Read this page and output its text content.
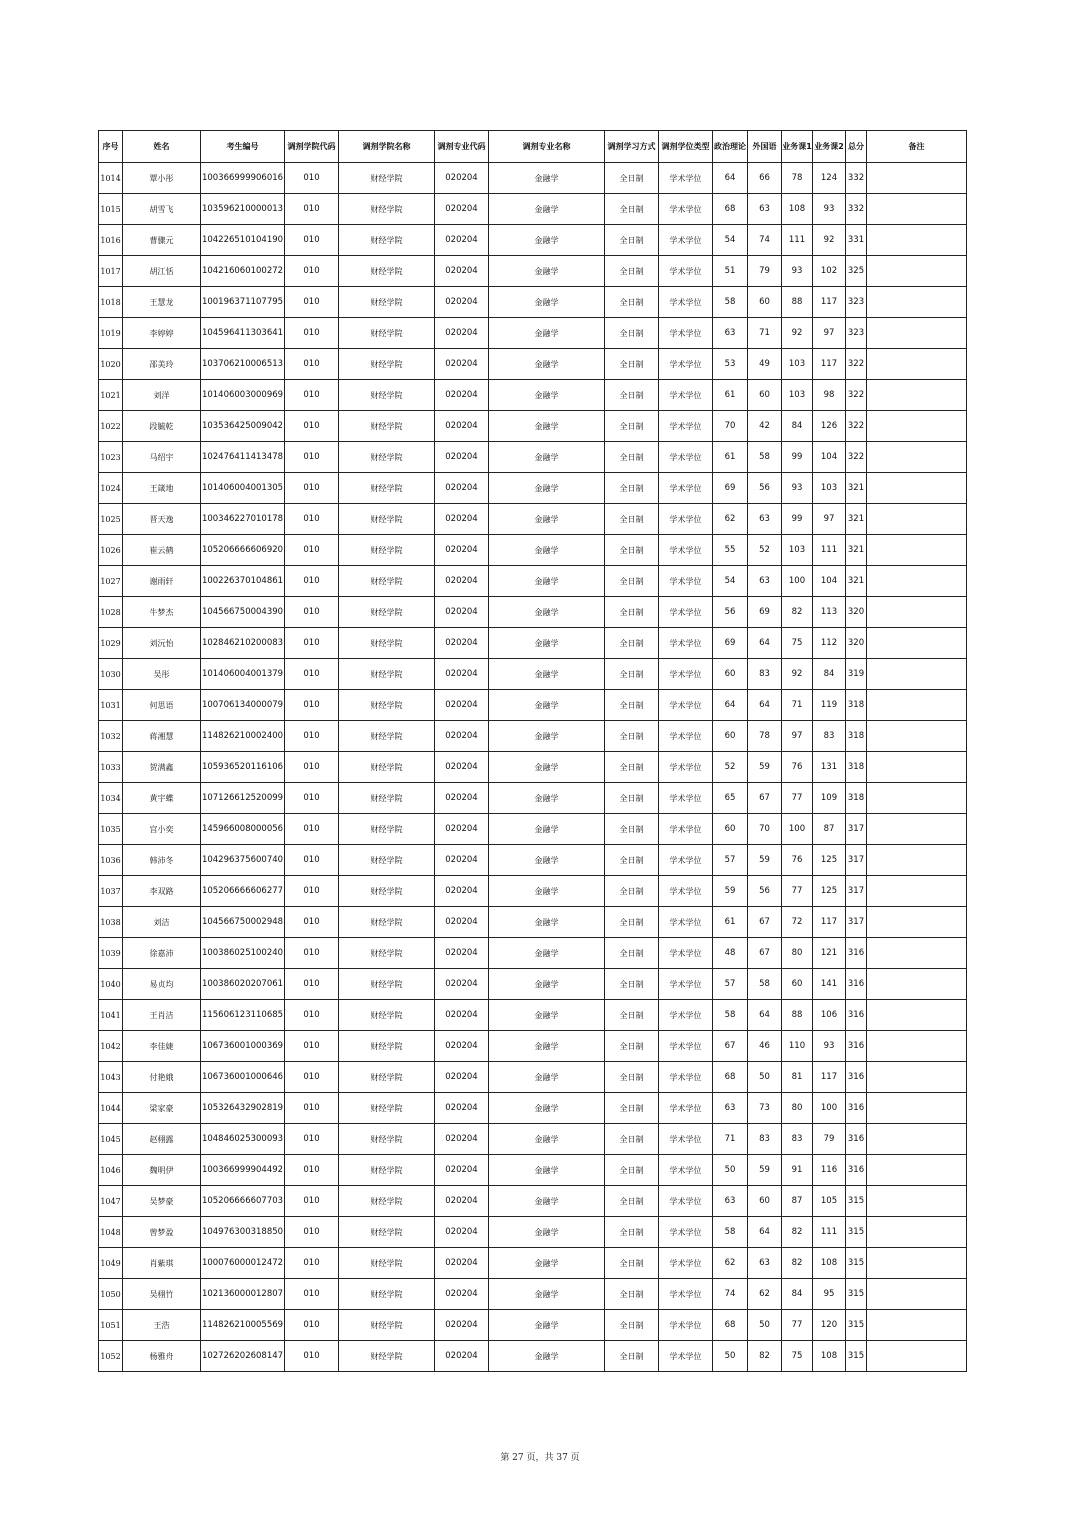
序号	姓名	考生编号	调剂学院代码	调剂学院名称	调剂专业代码	调剂专业名称	调剂学习方式	调剂学位类型	政治理论	外国语	业务课1	业务课2	总分	备注
1014	覃小彤	100366999906016	010	财经学院	020204	金融学	全日制	学术学位	64	66	78	124	332	
1015	胡雪飞	103596210000013	010	财经学院	020204	金融学	全日制	学术学位	68	63	108	93	332	
1016	曹骤元	104226510104190	010	财经学院	020204	金融学	全日制	学术学位	54	74	111	92	331	
1017	胡江恬	104216060100272	010	财经学院	020204	金融学	全日制	学术学位	51	79	93	102	325	
1018	王慧龙	100196371107795	010	财经学院	020204	金融学	全日制	学术学位	58	60	88	117	323	
1019	李婷婷	104596411303641	010	财经学院	020204	金融学	全日制	学术学位	63	71	92	97	323	
1020	邵美玲	103706210006513	010	财经学院	020204	金融学	全日制	学术学位	53	49	103	117	322	
1021	刘洋	101406003000969	010	财经学院	020204	金融学	全日制	学术学位	61	60	103	98	322	
1022	段毓乾	103536425009042	010	财经学院	020204	金融学	全日制	学术学位	70	42	84	126	322	
1023	马绍宇	102476411413478	010	财经学院	020204	金融学	全日制	学术学位	61	58	99	104	322	
1024	王箴地	101406004001305	010	财经学院	020204	金融学	全日制	学术学位	69	56	93	103	321	
1025	晋天逸	100346227010178	010	财经学院	020204	金融学	全日制	学术学位	62	63	99	97	321	
1026	崔云鹤	105206666606920	010	财经学院	020204	金融学	全日制	学术学位	55	52	103	111	321	
1027	谢雨轩	100226370104861	010	财经学院	020204	金融学	全日制	学术学位	54	63	100	104	321	
1028	牛梦杰	104566750004390	010	财经学院	020204	金融学	全日制	学术学位	56	69	82	113	320	
1029	刘沅怡	102846210200083	010	财经学院	020204	金融学	全日制	学术学位	69	64	75	112	320	
1030	吴彤	101406004001379	010	财经学院	020204	金融学	全日制	学术学位	60	83	92	84	319	
1031	何思语	100706134000079	010	财经学院	020204	金融学	全日制	学术学位	64	64	71	119	318	
1032	蒋湘慧	114826210002400	010	财经学院	020204	金融学	全日制	学术学位	60	78	97	83	318	
1033	贺满鑫	105936520116106	010	财经学院	020204	金融学	全日制	学术学位	52	59	76	131	318	
1034	黄宇蝶	107126612520099	010	财经学院	020204	金融学	全日制	学术学位	65	67	77	109	318	
1035	宫小奕	145966008000056	010	财经学院	020204	金融学	全日制	学术学位	60	70	100	87	317	
1036	韩沛冬	104296375600740	010	财经学院	020204	金融学	全日制	学术学位	57	59	76	125	317	
1037	李双路	105206666606277	010	财经学院	020204	金融学	全日制	学术学位	59	56	77	125	317	
1038	刘洁	104566750002948	010	财经学院	020204	金融学	全日制	学术学位	61	67	72	117	317	
1039	徐嘉沛	100386025100240	010	财经学院	020204	金融学	全日制	学术学位	48	67	80	121	316	
1040	易贞均	100386020207061	010	财经学院	020204	金融学	全日制	学术学位	57	58	60	141	316	
1041	王肖洁	115606123110685	010	财经学院	020204	金融学	全日制	学术学位	58	64	88	106	316	
1042	李佳婕	106736001000369	010	财经学院	020204	金融学	全日制	学术学位	67	46	110	93	316	
1043	付艳娥	106736001000646	010	财经学院	020204	金融学	全日制	学术学位	68	50	81	117	316	
1044	梁家豪	105326432902819	010	财经学院	020204	金融学	全日制	学术学位	63	73	80	100	316	
1045	赵栩露	104846025300093	010	财经学院	020204	金融学	全日制	学术学位	71	83	83	79	316	
1046	魏明伊	100366999904492	010	财经学院	020204	金融学	全日制	学术学位	50	59	91	116	316	
1047	吴梦豪	105206666607703	010	财经学院	020204	金融学	全日制	学术学位	63	60	87	105	315	
1048	曾梦盈	104976300318850	010	财经学院	020204	金融学	全日制	学术学位	58	64	82	111	315	
1049	肖紫琪	100076000012472	010	财经学院	020204	金融学	全日制	学术学位	62	63	82	108	315	
1050	吴栩竹	102136000012807	010	财经学院	020204	金融学	全日制	学术学位	74	62	84	95	315	
1051	王浩	114826210005569	010	财经学院	020204	金融学	全日制	学术学位	68	50	77	120	315	
1052	杨雅舟	102726202608147	010	财经学院	020204	金融学	全日制	学术学位	50	82	75	108	315	
第 27 页，共 37 页
